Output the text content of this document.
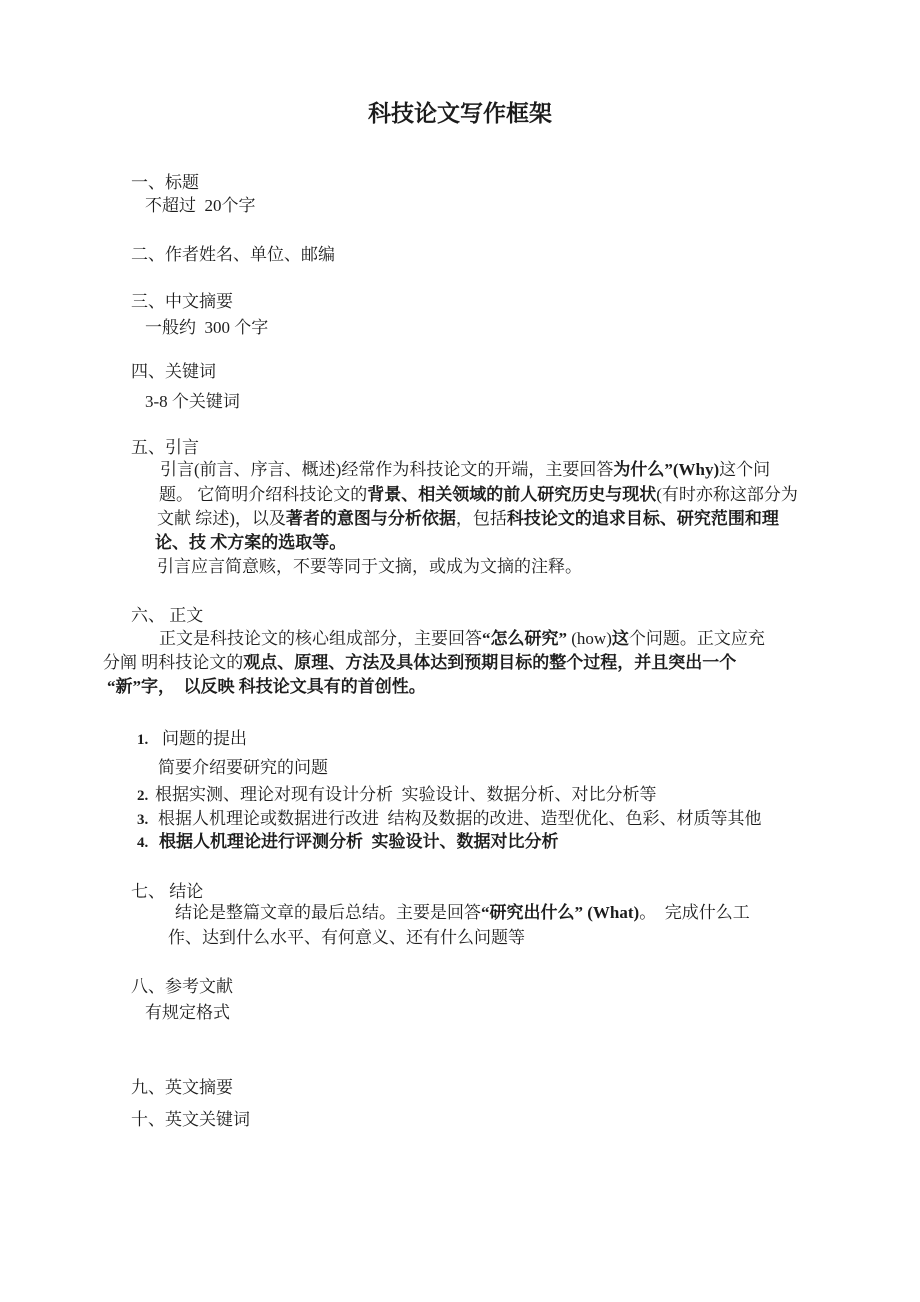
科技论文写作框架
一、标题
不超过  20个字
二、作者姓名、单位、邮编
三、中文摘要
一般约  300 个字
四、关键词
3-8 个关键词
五、引言
引言(前言、序言、概述)经常作为科技论文的开端，主要回答为什么”(Why)这个问
题。 它简明介绍科技论文的背景、相关领域的前人研究历史与现状(有时亦称这部分为
文献 综述)，以及著者的意图与分析依据，包括科技论文的追求目标、研究范围和理
论、技 术方案的选取等。
引言应言简意赅，不要等同于文摘，或成为文摘的注释。
六、 正文
正文是科技论文的核心组成部分，主要回答“怎么研究” (how)这个问题。正文应充
分阐 明科技论文的观点、原理、方法及具体达到预期目标的整个过程，并且突出一个
“新”字，  以反映 科技论文具有的首创性。
1. 问题的提出
简要介绍要研究的问题
2. 根据实测、理论对现有设计分析  实验设计、数据分析、对比分析等
3. 根据人机理论或数据进行改进  结构及数据的改进、造型优化、色彩、材质等其他
4. 根据人机理论进行评测分析  实验设计、数据对比分析
七、 结论
结论是整篇文章的最后总结。主要是回答“研究出什么” (What)。  完成什么工
作、达到什么水平、有何意义、还有什么问题等
八、参考文献
有规定格式
九、英文摘要
十、英文关键词
